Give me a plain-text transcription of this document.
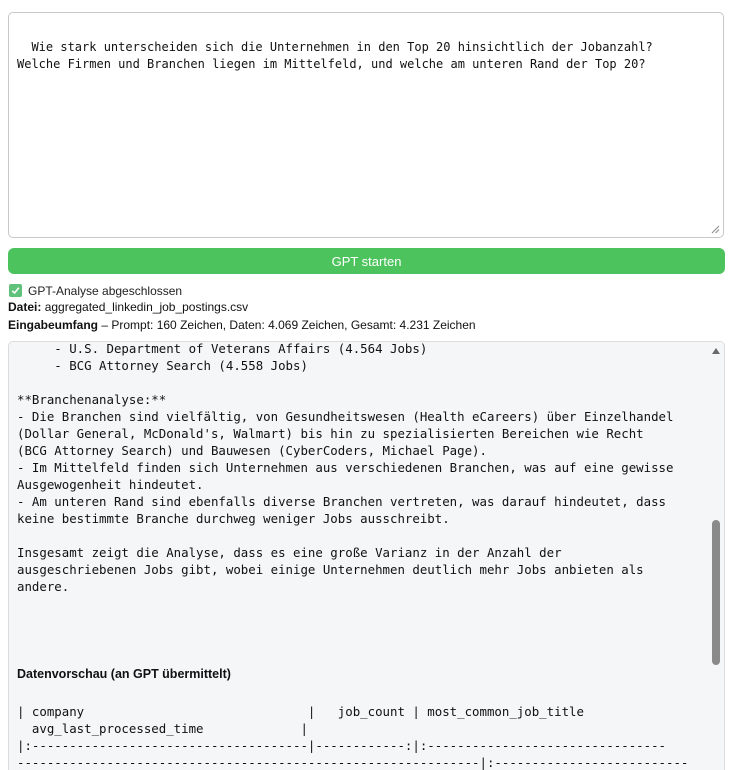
Wie stark unterscheiden sich die Unternehmen in den Top 20 hinsichtlich der Jobanzahl?
Welche Firmen und Branchen liegen im Mittelfeld, und welche am unteren Rand der Top 20?

GPT starten
GPT-Analyse abgeschlossen
Datei: aggregated_linkedin_job_postings.csv
Eingabeumfang – Prompt: 160 Zeichen, Daten: 4.069 Zeichen, Gesamt: 4.231 Zeichen
- U.S. Department of Veterans Affairs (4.564 Jobs)
- BCG Attorney Search (4.558 Jobs)

**Branchenanalyse:**
- Die Branchen sind vielfältig, von Gesundheitswesen (Health eCareers) über Einzelhandel
(Dollar General, McDonald's, Walmart) bis hin zu spezialisierten Bereichen wie Recht
(BCG Attorney Search) und Bauwesen (CyberCoders, Michael Page).
- Im Mittelfeld finden sich Unternehmen aus verschiedenen Branchen, was auf eine gewisse
Ausgewogenheit hindeutet.
- Am unteren Rand sind ebenfalls diverse Branchen vertreten, was darauf hindeutet, dass
keine bestimmte Branche durchweg weniger Jobs ausschreibt.

Insgesamt zeigt die Analyse, dass es eine große Varianz in der Anzahl der
ausgeschriebenen Jobs gibt, wobei einige Unternehmen deutlich mehr Jobs anbieten als
andere.
Datenvorschau (an GPT übermittelt)
| company                              |   job_count | most_common_job_title
avg_last_processed_time             |
|:-------------------------------------|------------:|:--------------------------------
--------------------------------------------------------------|:--------------------------
